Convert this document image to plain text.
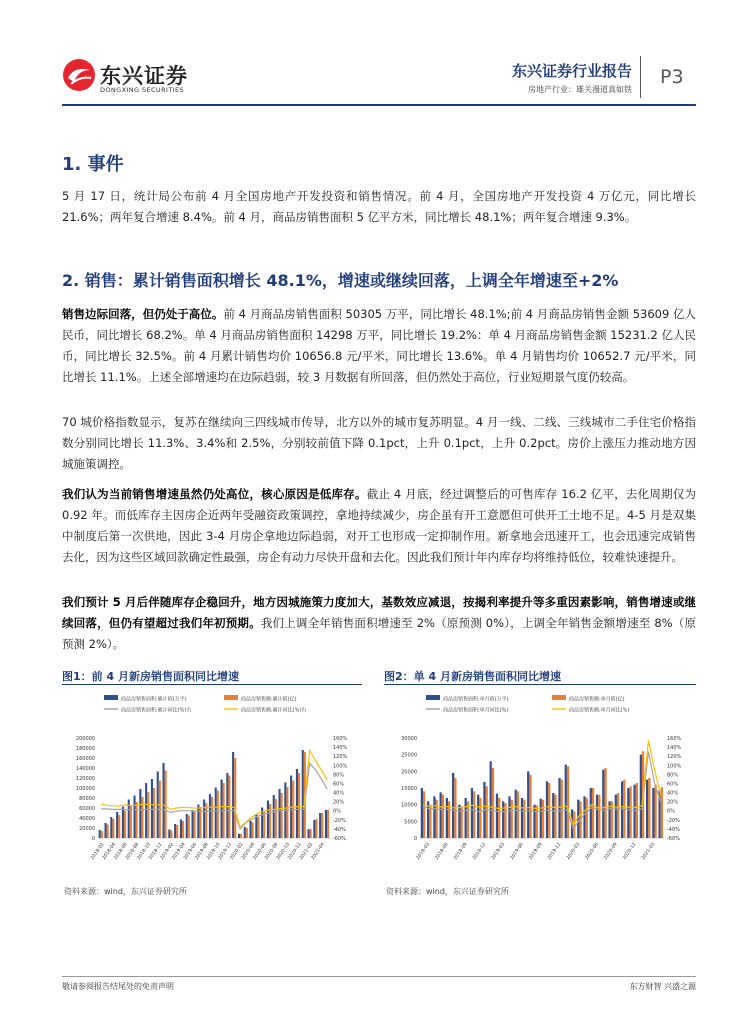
东兴证券
DONGXING SECURITIES
东兴证券行业报告
房地产行业：雄关漫道真如铁
P3
1. 事件

5 月 17 日，统计局公布前 4 月全国房地产开发投资和销售情况。前 4 月，全国房地产开发投资 4 万亿元，同比增长 21.6%；两年复合增速 8.4%。前 4 月，商品房销售面积 5 亿平方米，同比增长 48.1%；两年复合增速 9.3%。

2. 销售：累计销售面积增长 48.1%，增速或继续回落，上调全年增速至+2%

销售边际回落，但仍处于高位。前 4 月商品房销售面积 50305 万平，同比增长 48.1%;前 4 月商品房销售金额 53609 亿人民币，同比增长 68.2%。单 4 月商品房销售面积 14298 万平，同比增长 19.2%：单 4 月商品房销售金额 15231.2 亿人民币，同比增长 32.5%。前 4 月累计销售均价 10656.8 元/平米，同比增长 13.6%。单 4 月销售均价 10652.7 元/平米，同比增长 11.1%。上述全部增速均在边际趋弱，较 3 月数据有所回落，但仍然处于高位，行业短期景气度仍较高。

70 城价格指数显示，复苏在继续向三四线城市传导，北方以外的城市复苏明显。4 月一线、二线、三线城市二手住宅价格指数分别同比增长 11.3%、3.4%和 2.5%，分别较前值下降 0.1pct，上升 0.1pct，上升 0.2pct。房价上涨压力推动地方因城施策调控。

我们认为当前销售增速虽然仍处高位，核心原因是低库存。截止 4 月底，经过调整后的可售库存 16.2 亿平，去化周期仅为 0.92 年。而低库存主因房企近两年受融资政策调控，拿地持续减少，房企虽有开工意愿但可供开工土地不足。4-5 月是双集中制度后第一次供地，因此 3-4 月房企拿地边际趋弱，对开工也形成一定抑制作用。新拿地会迅速开工，也会迅速完成销售去化，因为这些区域回款确定性最强，房企有动力尽快开盘和去化。因此我们预计年内库存均将维持低位，较难快速提升。

我们预计 5 月后伴随库存企稳回升，地方因城施策力度加大，基数效应减退，按揭利率提升等多重因素影响，销售增速或继续回落，但仍有望超过我们年初预期。我们上调全年销售面积增速至 2%（原预测 0%），上调全年销售金额增速至 8%（原预测 2%）。

图1：前 4 月新房销售面积同比增速	图2：单 4 月新房销售面积同比增速
商品房销售面积:累计值(万平)	商品房销售额:累计值(亿)
商品房销售面积:累计同比(%)右	商品房销售额:累计同比(%)右
200000
180000
160000
140000
120000
100000
80000
60000
40000
20000
0
160%
140%
120%
100%
80%
60%
40%
20%
0%
-20%
-40%
-60%
2018-02
2018-04
2018-06
2018-08
2018-10
2018-12
2019-02
2019-04
2019-06
2019-08
2019-10
2019-12
2020-02
2020-04
2020-06
2020-08
2020-10
2020-12
2021-02
2021-04
商品房销售面积:单月值(万平)	商品房销售额:单月值(亿)
商品房销售面积:单月同比(%)	商品房销售额:单月同比(%)
30000
25000
20000
15000
10000
5000
0
160%
140%
120%
100%
80%
60%
40%
20%
0%
-20%
-40%
-60%
2018-03 2018-06 2018-09 2018-12 2019-03 2019-06 2019-09 2019-12 2020-03 2020-06 2020-09 2020-12 2021-03
资料来源：wind，东兴证券研究所	资料来源：wind，东兴证券研究所
敬请参阅报告结尾处的免责声明	东方财智 兴盛之源
